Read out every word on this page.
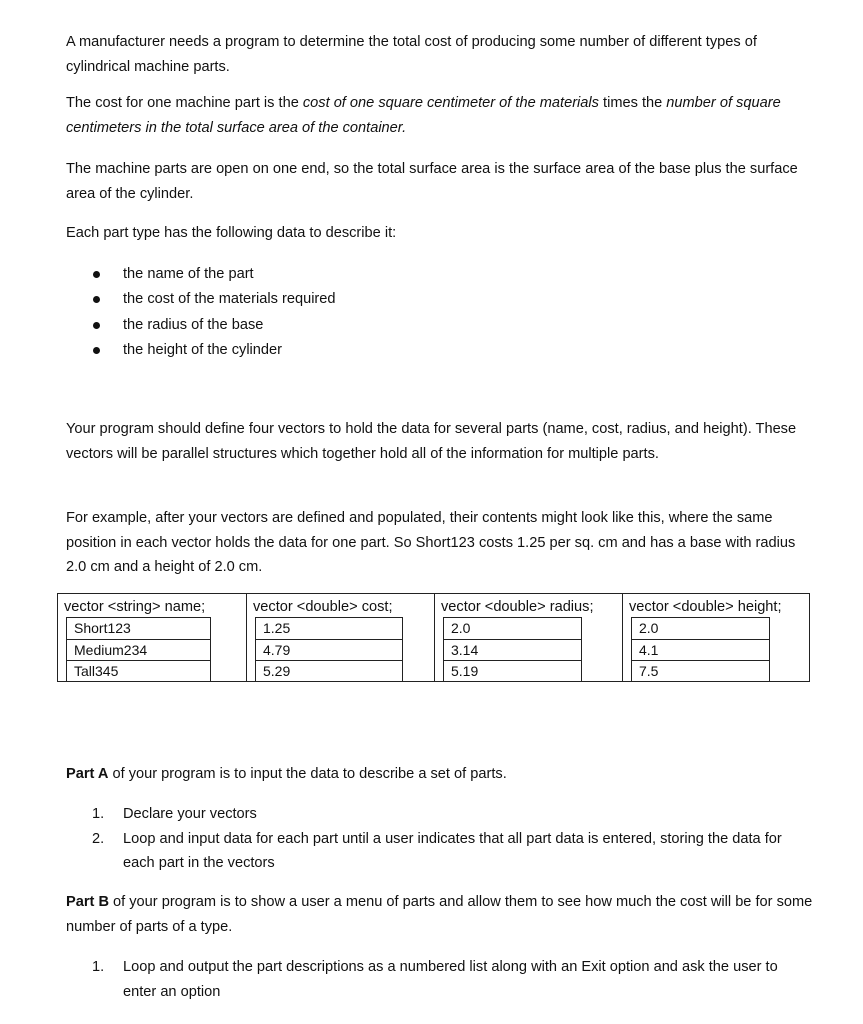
A manufacturer needs a program to determine the total cost of producing some number of different types of cylindrical machine parts.

The cost for one machine part is the cost of one square centimeter of the materials times the number of square centimeters in the total surface area of the container.

The machine parts are open on one end, so the total surface area is the surface area of the base plus the surface area of the cylinder.

Each part type has the following data to describe it:

the name of the part
the cost of the materials required
the radius of the base
the height of the cylinder

Your program should define four vectors to hold the data for several parts (name, cost, radius, and height). These vectors will be parallel structures which together hold all of the information for multiple parts.

For example, after your vectors are defined and populated, their contents might look like this, where the same position in each vector holds the data for one part. So Short123 costs 1.25 per sq. cm and has a base with radius 2.0 cm and a height of 2.0 cm.

vector <string> name;
Short123
Medium234
Tall345
vector <double> cost;
1.25
4.79
5.29
vector <double> radius;
2.0
3.14
5.19
vector <double> height;
2.0
4.1
7.5

Part A of your program is to input the data to describe a set of parts.

1. Declare your vectors
2. Loop and input data for each part until a user indicates that all part data is entered, storing the data for each part in the vectors

Part B of your program is to show a user a menu of parts and allow them to see how much the cost will be for some number of parts of a type.

1. Loop and output the part descriptions as a numbered list along with an Exit option and ask the user to enter an option
